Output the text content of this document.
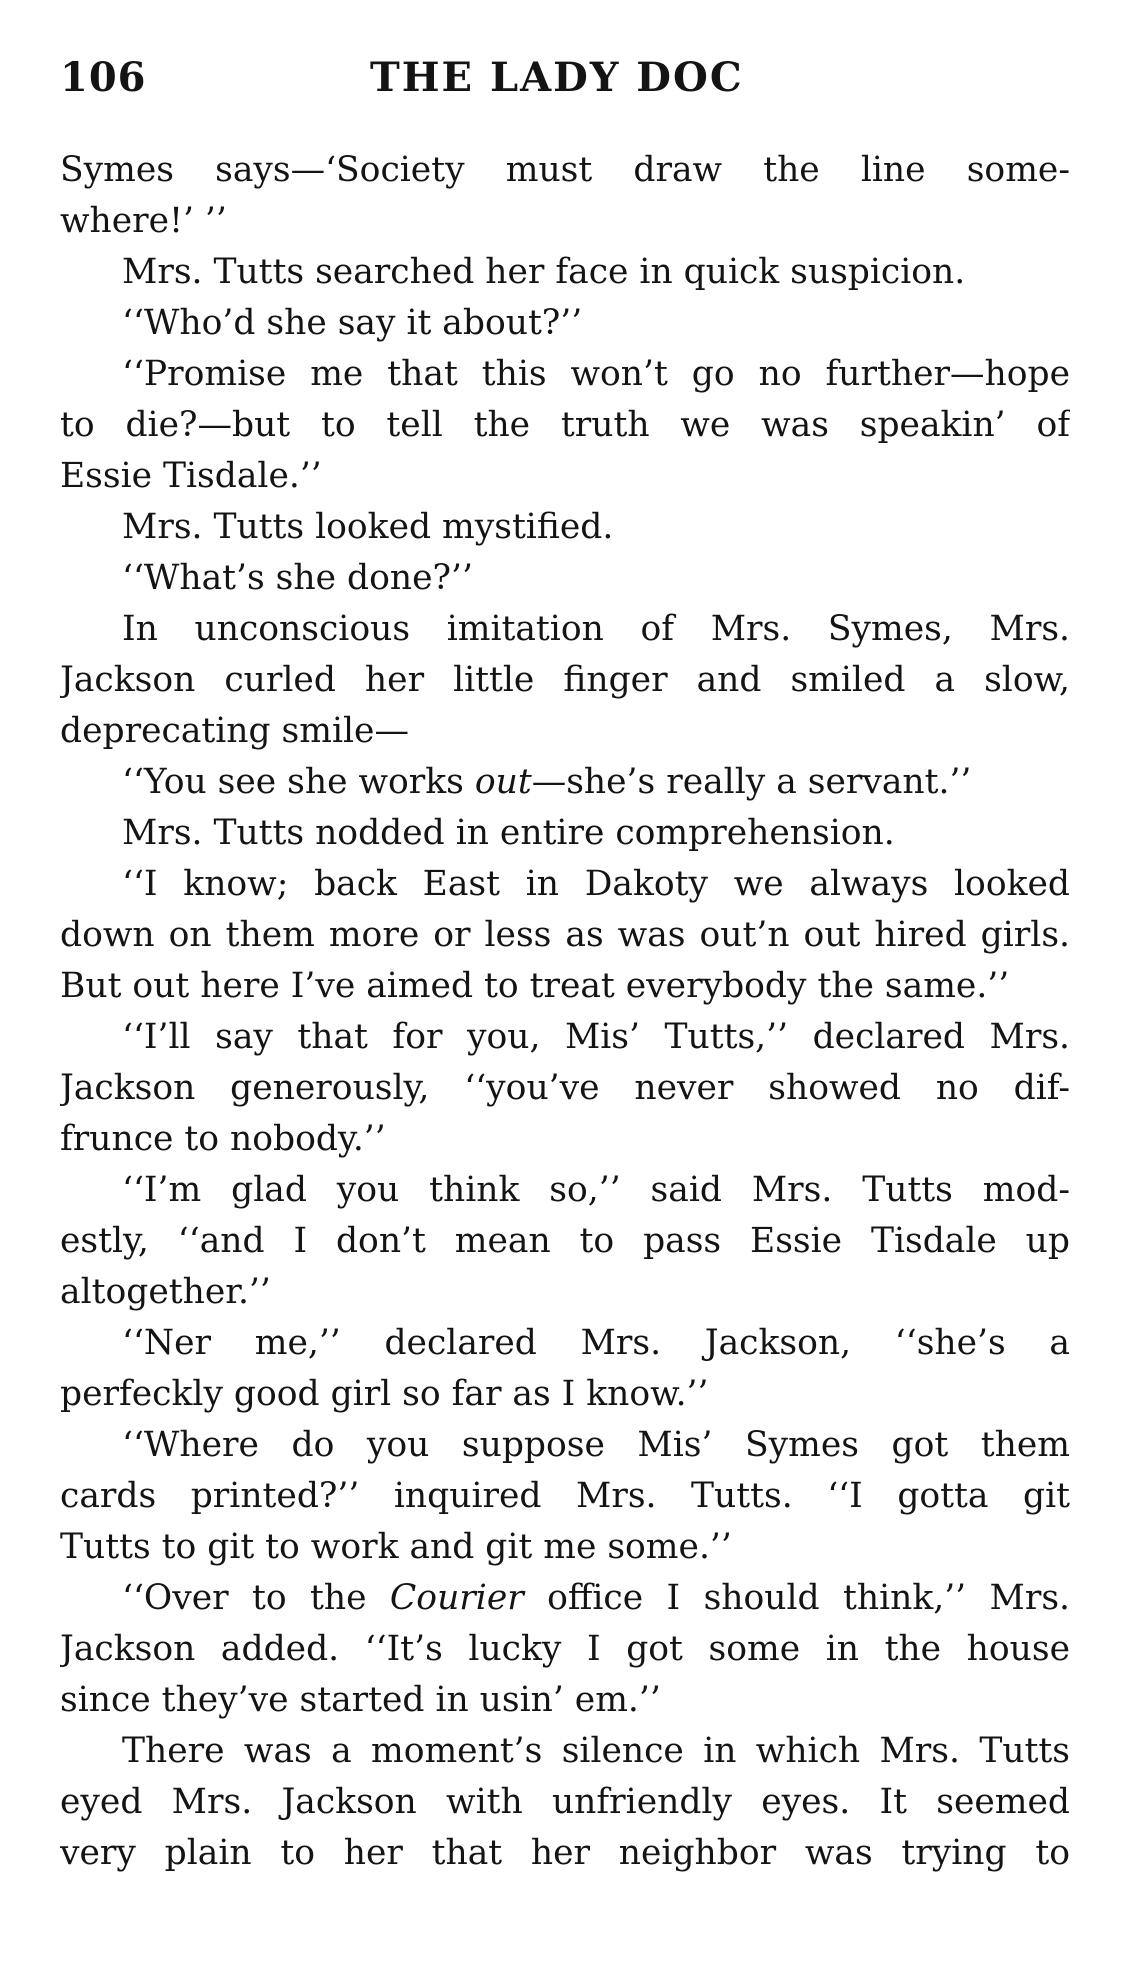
106	THE LADY DOC
Symes says—‘Society must draw the line some-
where!’ ’’
Mrs. Tutts searched her face in quick suspicion.
‘‘Who’d she say it about?’’
‘‘Promise me that this won’t go no further—hope
to die?—but to tell the truth we was speakin’ of
Essie Tisdale.’’
Mrs. Tutts looked mystified.
‘‘What’s she done?’’
In unconscious imitation of Mrs. Symes, Mrs.
Jackson curled her little finger and smiled a slow,
deprecating smile—
‘‘You see she works out—she’s really a servant.’’
Mrs. Tutts nodded in entire comprehension.
‘‘I know; back East in Dakoty we always looked
down on them more or less as was out’n out hired girls.
But out here I’ve aimed to treat everybody the same.’’
‘‘I’ll say that for you, Mis’ Tutts,’’ declared Mrs.
Jackson generously, ‘‘you’ve never showed no dif-
frunce to nobody.’’
‘‘I’m glad you think so,’’ said Mrs. Tutts mod-
estly, ‘‘and I don’t mean to pass Essie Tisdale up
altogether.’’
‘‘Ner me,’’ declared Mrs. Jackson, ‘‘she’s a
perfeckly good girl so far as I know.’’
‘‘Where do you suppose Mis’ Symes got them
cards printed?’’ inquired Mrs. Tutts. ‘‘I gotta git
Tutts to git to work and git me some.’’
‘‘Over to the Courier office I should think,’’ Mrs.
Jackson added. ‘‘It’s lucky I got some in the house
since they’ve started in usin’ em.’’
There was a moment’s silence in which Mrs. Tutts
eyed Mrs. Jackson with unfriendly eyes. It seemed
very plain to her that her neighbor was trying to
